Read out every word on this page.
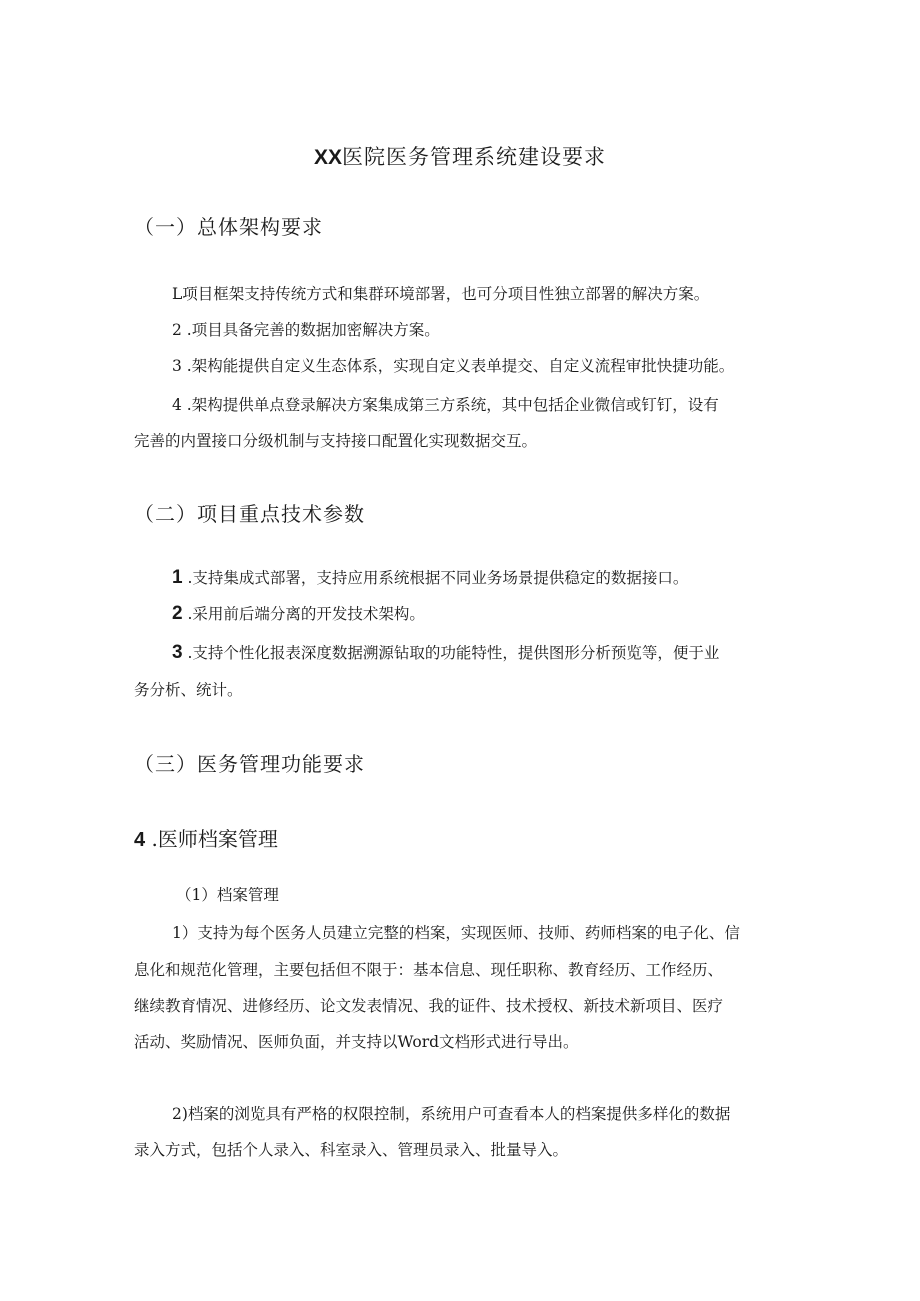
XX医院医务管理系统建设要求
（一）总体架构要求
L项目框架支持传统方式和集群环境部署，也可分项目性独立部署的解决方案。
2 .项目具备完善的数据加密解决方案。
3 .架构能提供自定义生态体系，实现自定义表单提交、自定义流程审批快捷功能。
4 .架构提供单点登录解决方案集成第三方系统，其中包括企业微信或钉钉，设有
完善的内置接口分级机制与支持接口配置化实现数据交互。
（二）项目重点技术参数
1 .支持集成式部署，支持应用系统根据不同业务场景提供稳定的数据接口。
2 .采用前后端分离的开发技术架构。
3 .支持个性化报表深度数据溯源钻取的功能特性，提供图形分析预览等，便于业
务分析、统计。
（三）医务管理功能要求
4 .医师档案管理
（1）档案管理
1）支持为每个医务人员建立完整的档案，实现医师、技师、药师档案的电子化、信
息化和规范化管理，主要包括但不限于：基本信息、现任职称、教育经历、工作经历、
继续教育情况、进修经历、论文发表情况、我的证件、技术授权、新技术新项目、医疗
活动、奖励情况、医师负面，并支持以Word文档形式进行导出。
2)档案的浏览具有严格的权限控制，系统用户可查看本人的档案提供多样化的数据
录入方式，包括个人录入、科室录入、管理员录入、批量导入。
